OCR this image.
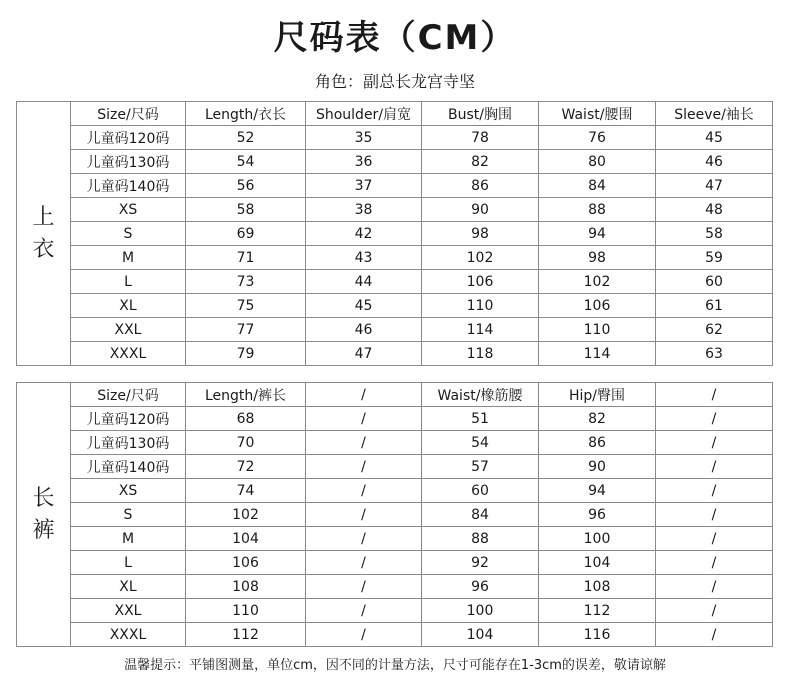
尺码表（CM）
角色：副总长龙宫寺坚
上
衣	Size/尺码	Length/衣长	Shoulder/肩宽	Bust/胸围	Waist/腰围	Sleeve/袖长
	儿童码120码	52	35	78	76	45
	儿童码130码	54	36	82	80	46
	儿童码140码	56	37	86	84	47
	XS	58	38	90	88	48
	S	69	42	98	94	58
	M	71	43	102	98	59
	L	73	44	106	102	60
	XL	75	45	110	106	61
	XXL	77	46	114	110	62
	XXXL	79	47	118	114	63
长
裤	Size/尺码	Length/裤长	/	Waist/橡筋腰	Hip/臀围	/
	儿童码120码	68	/	51	82	/
	儿童码130码	70	/	54	86	/
	儿童码140码	72	/	57	90	/
	XS	74	/	60	94	/
	S	102	/	84	96	/
	M	104	/	88	100	/
	L	106	/	92	104	/
	XL	108	/	96	108	/
	XXL	110	/	100	112	/
	XXXL	112	/	104	116	/
温馨提示：平铺图测量，单位cm，因不同的计量方法，尺寸可能存在1-3cm的误差，敬请谅解
